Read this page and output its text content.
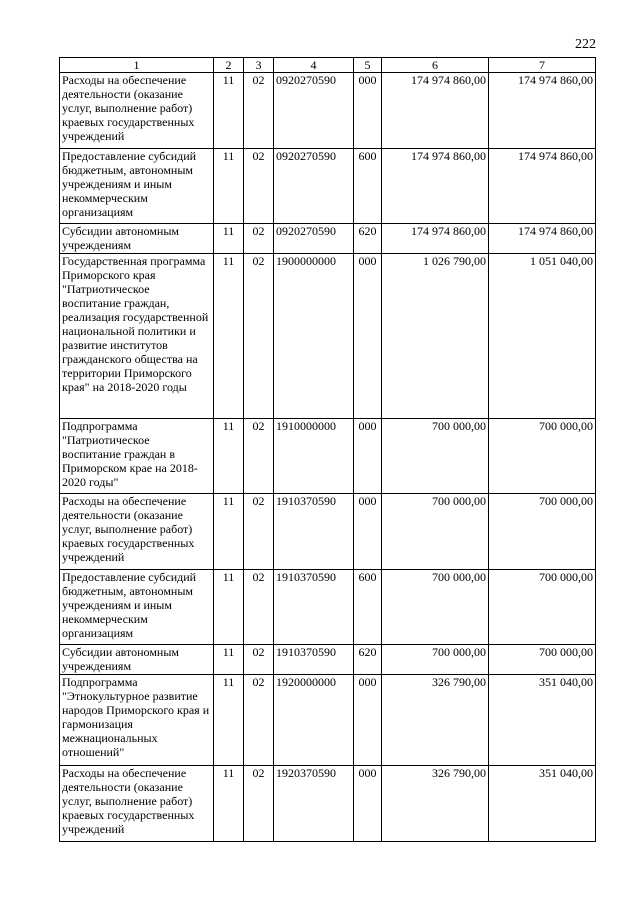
222
1	2	3	4	5	6	7
Расходы на обеспечение деятельности (оказание услуг, выполнение работ) краевых государственных учреждений	11	02	0920270590	000	174 974 860,00	174 974 860,00
Предоставление субсидий бюджетным, автономным учреждениям и иным некоммерческим организациям	11	02	0920270590	600	174 974 860,00	174 974 860,00
Субсидии автономным учреждениям	11	02	0920270590	620	174 974 860,00	174 974 860,00
Государственная программа Приморского края "Патриотическое воспитание граждан, реализация государственной национальной политики и развитие институтов гражданского общества на территории Приморского края" на 2018-2020 годы	11	02	1900000000	000	1 026 790,00	1 051 040,00
Подпрограмма "Патриотическое воспитание граждан в Приморском крае на 2018-2020 годы"	11	02	1910000000	000	700 000,00	700 000,00
Расходы на обеспечение деятельности (оказание услуг, выполнение работ) краевых государственных учреждений	11	02	1910370590	000	700 000,00	700 000,00
Предоставление субсидий бюджетным, автономным учреждениям и иным некоммерческим организациям	11	02	1910370590	600	700 000,00	700 000,00
Субсидии автономным учреждениям	11	02	1910370590	620	700 000,00	700 000,00
Подпрограмма "Этнокультурное развитие народов Приморского края и гармонизация межнациональных отношений"	11	02	1920000000	000	326 790,00	351 040,00
Расходы на обеспечение деятельности (оказание услуг, выполнение работ) краевых государственных учреждений	11	02	1920370590	000	326 790,00	351 040,00
